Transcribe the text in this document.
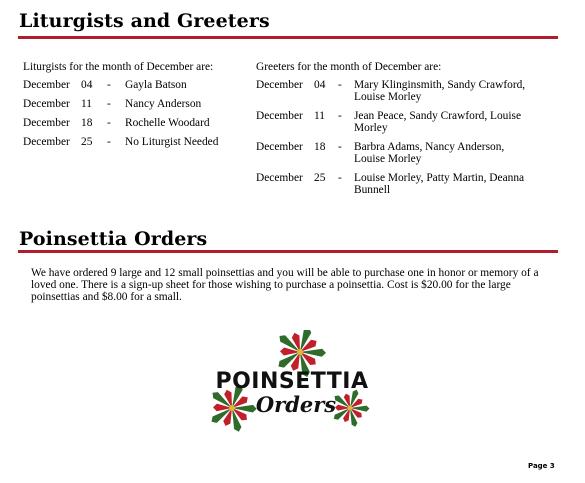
Liturgists and Greeters

Liturgists for the month of December are:

December 04	-	Gayla Batson
December 11	-	Nancy Anderson
December 18	-	Rochelle Woodard
December 25	-	No Liturgist Needed

Greeters for the month of December are:

December 04	-	Mary Klinginsmith, Sandy Crawford, Louise Morley
December 11	-	Jean Peace, Sandy Crawford, Louise Morley
December 18	-	Barbra Adams, Nancy Anderson, Louise Morley
December 25	-	Louise Morley, Patty Martin, Deanna Bunnell
Poinsettia Orders

We have ordered 9 large and 12 small poinsettias and you will be able to purchase one in honor or memory of a loved one. There is a sign-up sheet for those wishing to purchase a poinsettia. Cost is $20.00 for the large poinsettias and $8.00 for a small.

POINSETTIA
Orders
Page 3
